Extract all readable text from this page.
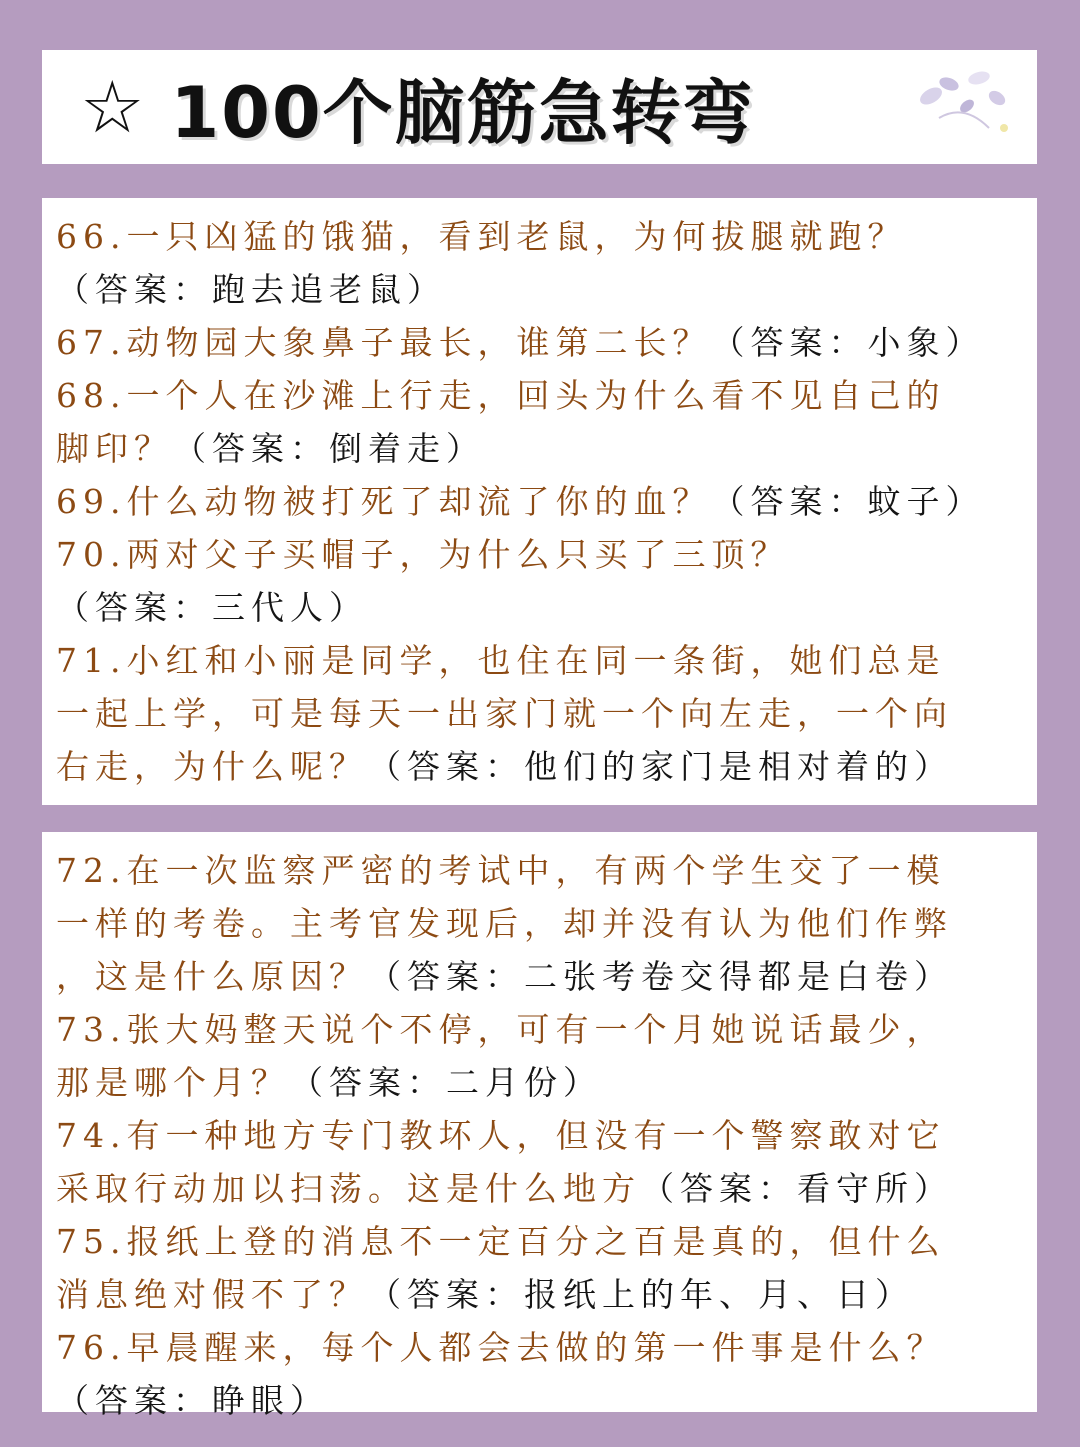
☆ 100个脑筋急转弯
66.一只凶猛的饿猫，看到老鼠，为何拔腿就跑？
（答案：跑去追老鼠）
67.动物园大象鼻子最长，谁第二长？（答案：小象）
68.一个人在沙滩上行走，回头为什么看不见自己的
脚印？（答案：倒着走）
69.什么动物被打死了却流了你的血？（答案：蚊子）
70.两对父子买帽子，为什么只买了三顶？
（答案：三代人）
71.小红和小丽是同学，也住在同一条街，她们总是
一起上学，可是每天一出家门就一个向左走，一个向
右走，为什么呢？（答案：他们的家门是相对着的）
72.在一次监察严密的考试中，有两个学生交了一模
一样的考卷。主考官发现后，却并没有认为他们作弊
，这是什么原因？（答案：二张考卷交得都是白卷）
73.张大妈整天说个不停，可有一个月她说话最少，
那是哪个月？（答案：二月份）
74.有一种地方专门教坏人，但没有一个警察敢对它
采取行动加以扫荡。这是什么地方（答案：看守所）
75.报纸上登的消息不一定百分之百是真的，但什么
消息绝对假不了？（答案：报纸上的年、月、日）
76.早晨醒来，每个人都会去做的第一件事是什么？
（答案：睁眼）
